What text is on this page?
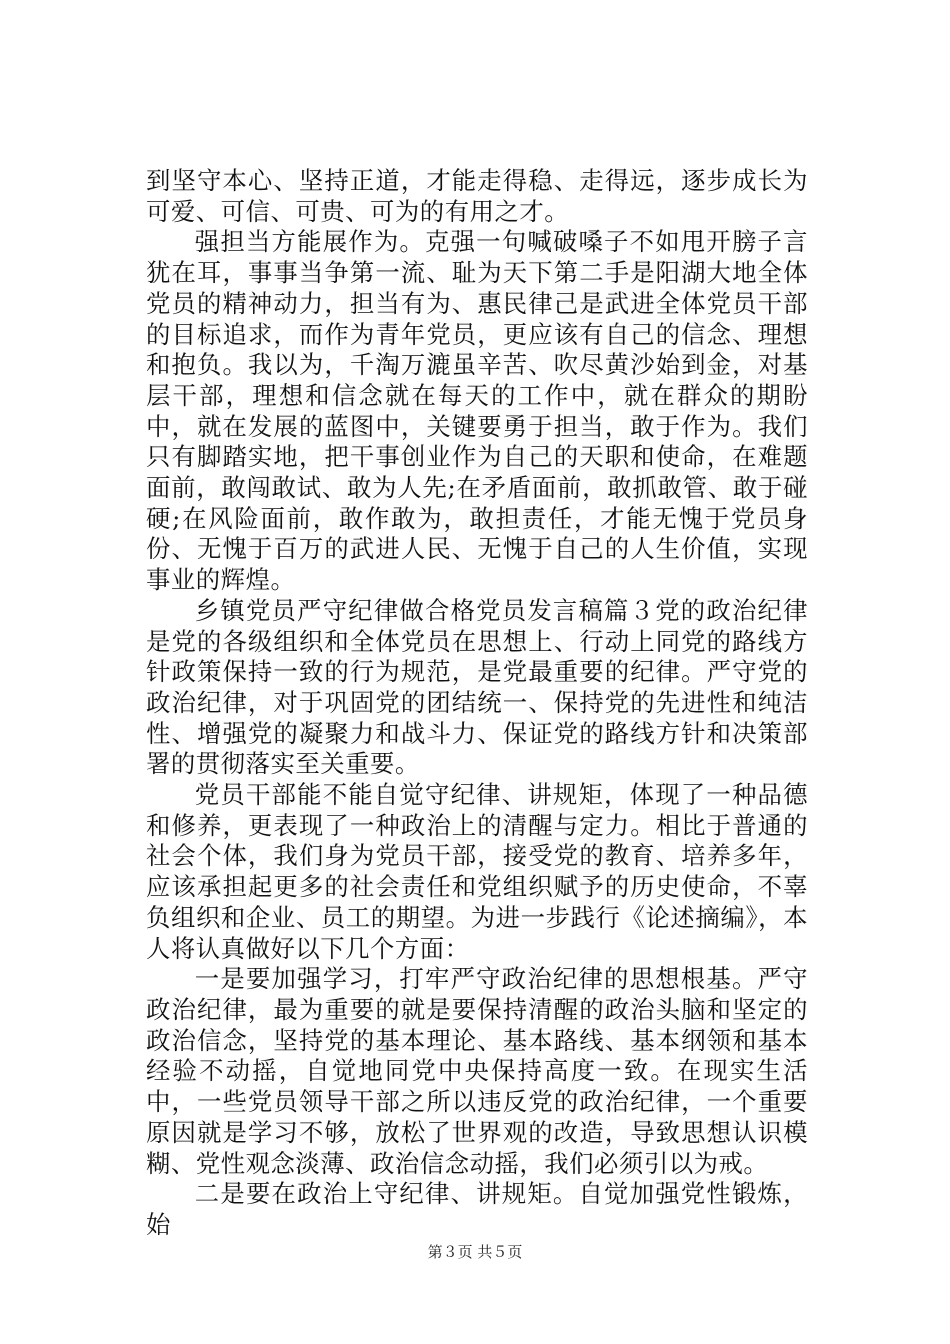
到坚守本心、坚持正道，才能走得稳、走得远，逐步成长为可爱、可信、可贵、可为的有用之才。

强担当方能展作为。克强一句喊破嗓子不如甩开膀子言犹在耳，事事当争第一流、耻为天下第二手是阳湖大地全体党员的精神动力，担当有为、惠民律己是武进全体党员干部的目标追求，而作为青年党员，更应该有自己的信念、理想和抱负。我以为，千淘万漉虽辛苦、吹尽黄沙始到金，对基层干部，理想和信念就在每天的工作中，就在群众的期盼中，就在发展的蓝图中，关键要勇于担当，敢于作为。我们只有脚踏实地，把干事创业作为自己的天职和使命，在难题面前，敢闯敢试、敢为人先;在矛盾面前，敢抓敢管、敢于碰硬;在风险面前，敢作敢为，敢担责任，才能无愧于党员身份、无愧于百万的武进人民、无愧于自己的人生价值，实现事业的辉煌。

乡镇党员严守纪律做合格党员发言稿篇３党的政治纪律是党的各级组织和全体党员在思想上、行动上同党的路线方针政策保持一致的行为规范，是党最重要的纪律。严守党的政治纪律，对于巩固党的团结统一、保持党的先进性和纯洁性、增强党的凝聚力和战斗力、保证党的路线方针和决策部署的贯彻落实至关重要。

党员干部能不能自觉守纪律、讲规矩，体现了一种品德和修养，更表现了一种政治上的清醒与定力。相比于普通的社会个体，我们身为党员干部，接受党的教育、培养多年，应该承担起更多的社会责任和党组织赋予的历史使命，不辜负组织和企业、员工的期望。为进一步践行《论述摘编》，本人将认真做好以下几个方面：

一是要加强学习，打牢严守政治纪律的思想根基。严守政治纪律，最为重要的就是要保持清醒的政治头脑和坚定的政治信念，坚持党的基本理论、基本路线、基本纲领和基本经验不动摇，自觉地同党中央保持高度一致。在现实生活中，一些党员领导干部之所以违反党的政治纪律，一个重要原因就是学习不够，放松了世界观的改造，导致思想认识模糊、党性观念淡薄、政治信念动摇，我们必须引以为戒。

二是要在政治上守纪律、讲规矩。自觉加强党性锻炼，始

第３页 共５页
